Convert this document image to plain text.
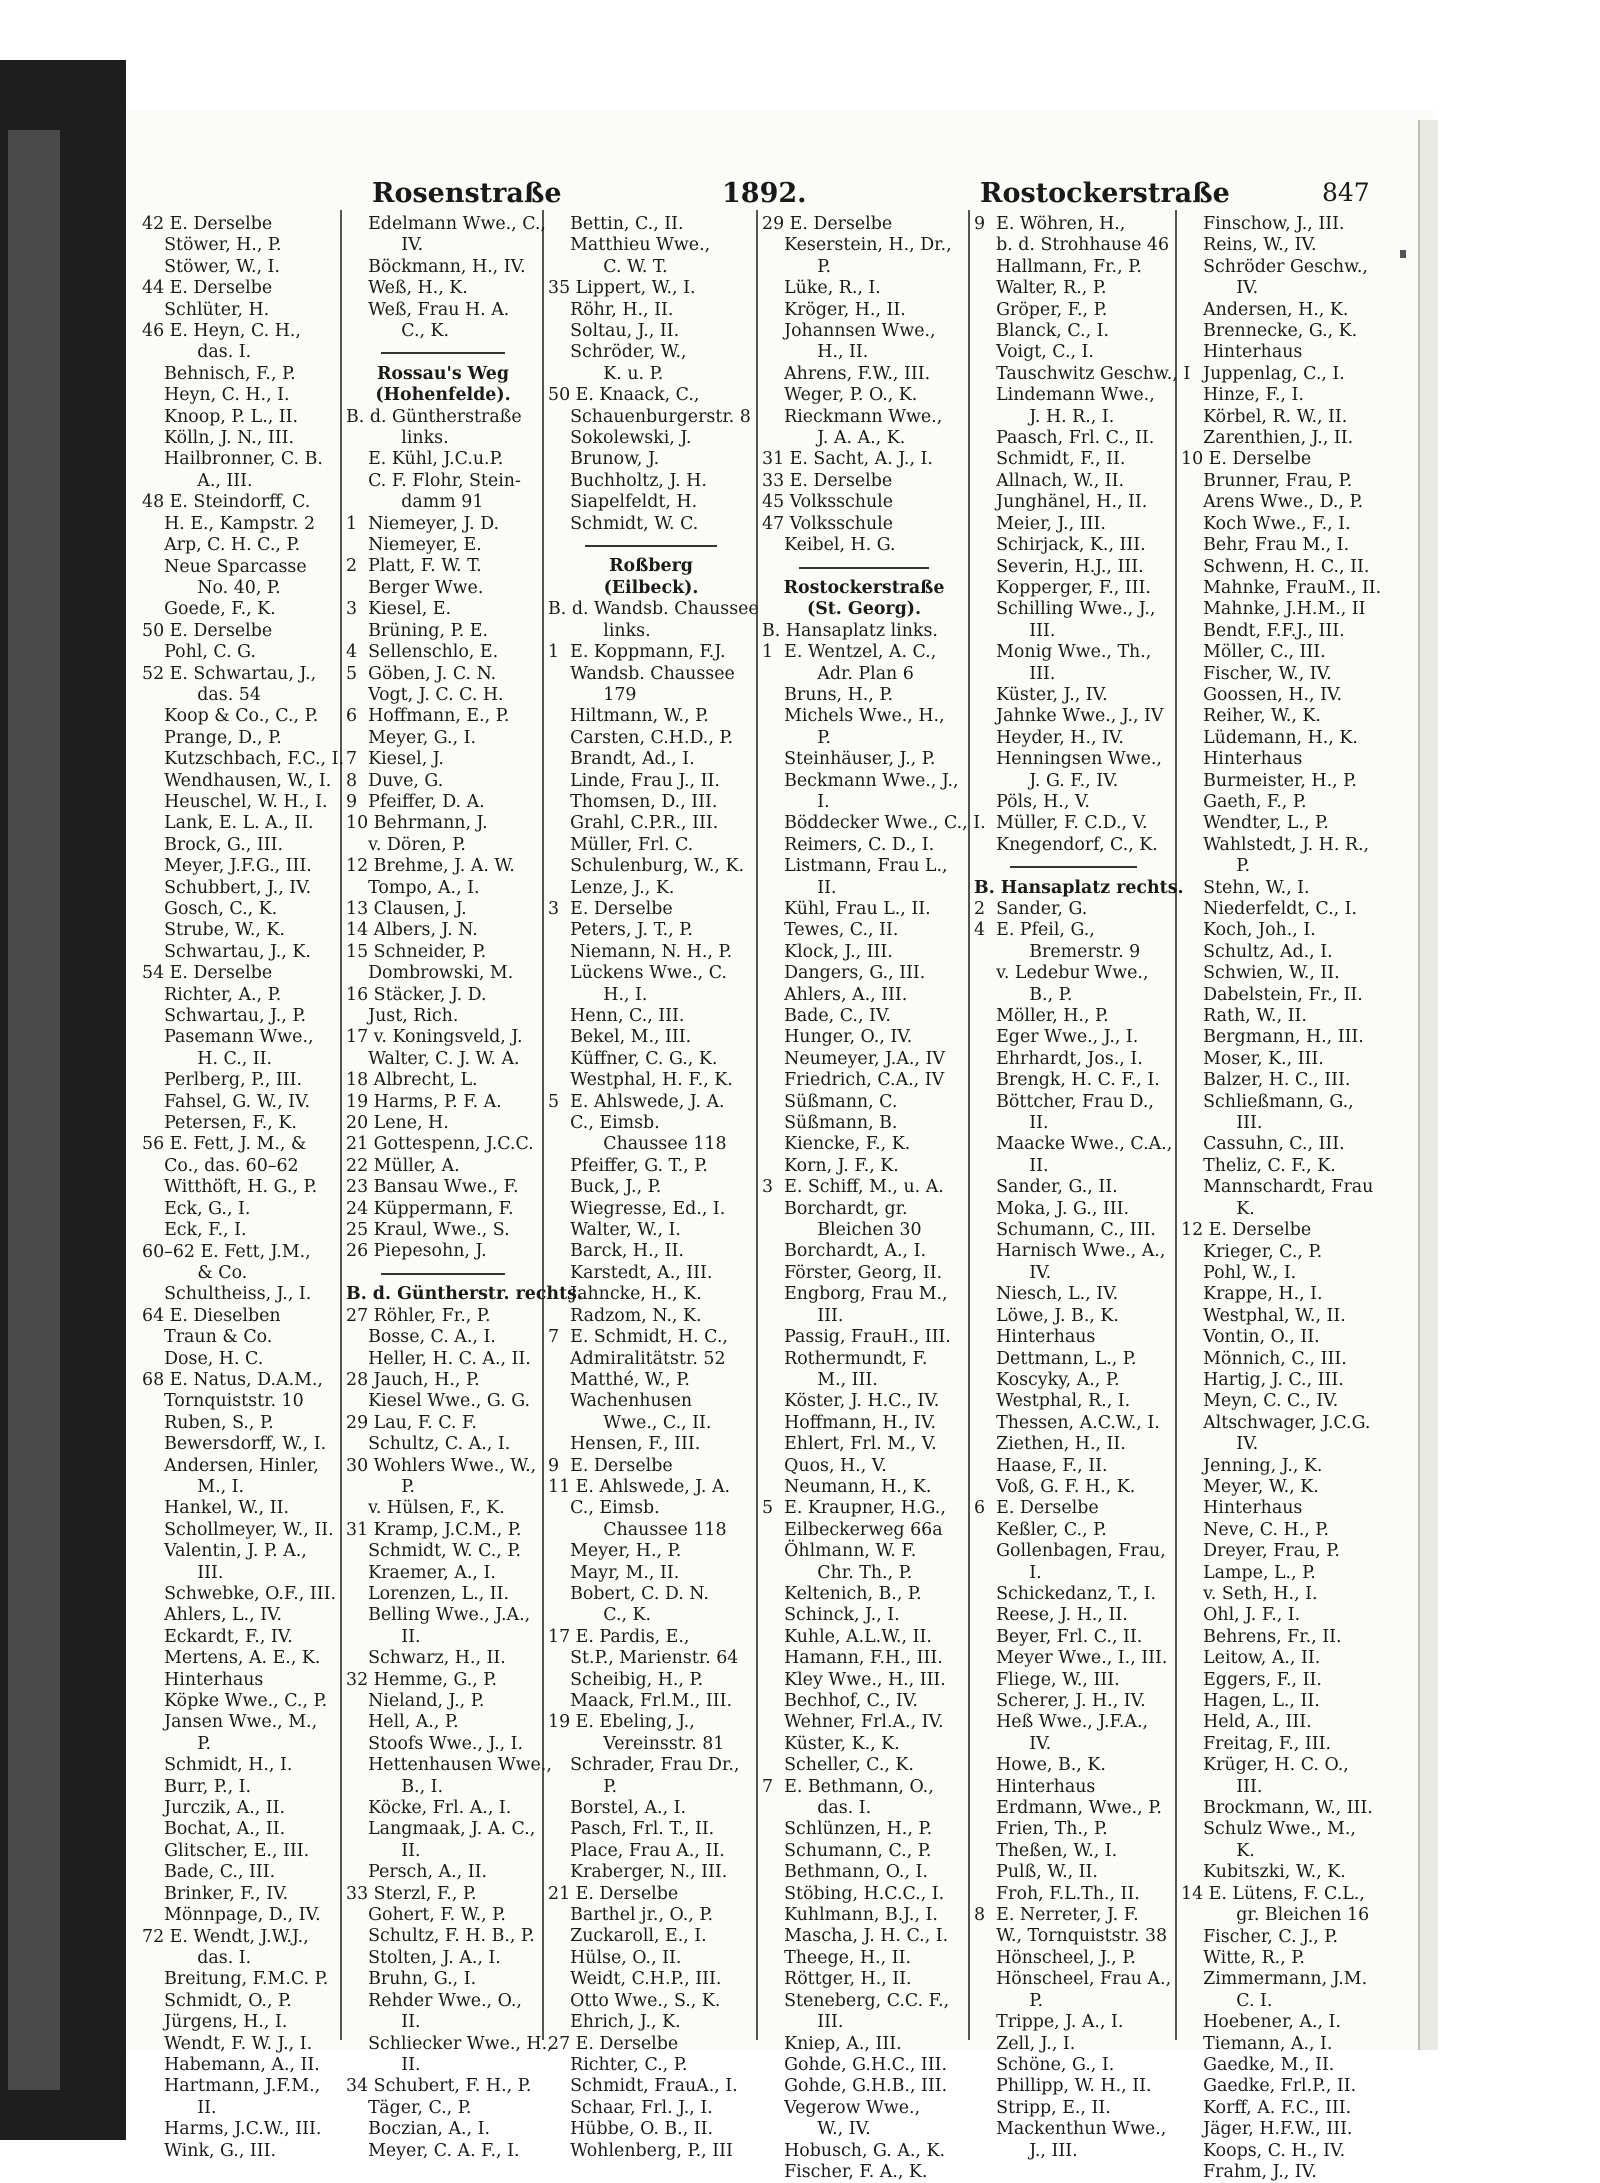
Rosenstraße	1892.	Rostockerstraße	847
42 E. Derselbe
Stöwer, H., P.
Stöwer, W., I.
44 E. Derselbe
Schlüter, H.
46 E. Heyn, C. H.,
das. I.
Behnisch, F., P.
Heyn, C. H., I.
Knoop, P. L., II.
Kölln, J. N., III.
Hailbronner, C. B.
A., III.
48 E. Steindorff, C.
H. E., Kampstr. 2
Arp, C. H. C., P.
Neue Sparcasse
No. 40, P.
Goede, F., K.
50 E. Derselbe
Pohl, C. G.
52 E. Schwartau, J.,
das. 54
Koop & Co., C., P.
Prange, D., P.
Kutzschbach, F.C., I.
Wendhausen, W., I.
Heuschel, W. H., I.
Lank, E. L. A., II.
Brock, G., III.
Meyer, J.F.G., III.
Schubbert, J., IV.
Gosch, C., K.
Strube, W., K.
Schwartau, J., K.
54 E. Derselbe
Richter, A., P.
Schwartau, J., P.
Pasemann Wwe.,
H. C., II.
Perlberg, P., III.
Fahsel, G. W., IV.
Petersen, F., K.
56 E. Fett, J. M., &
Co., das. 60–62
Witthöft, H. G., P.
Eck, G., I.
Eck, F., I.
60–62 E. Fett, J.M.,
& Co.
Schultheiss, J., I.
64 E. Dieselben
Traun & Co.
Dose, H. C.
68 E. Natus, D.A.M.,
Tornquiststr. 10
Ruben, S., P.
Bewersdorff, W., I.
Andersen, Hinler,
M., I.
Hankel, W., II.
Schollmeyer, W., II.
Valentin, J. P. A.,
III.
Schwebke, O.F., III.
Ahlers, L., IV.
Eckardt, F., IV.
Mertens, A. E., K.
Hinterhaus
Köpke Wwe., C., P.
Jansen Wwe., M.,
P.
Schmidt, H., I.
Burr, P., I.
Jurczik, A., II.
Bochat, A., II.
Glitscher, E., III.
Bade, C., III.
Brinker, F., IV.
Mönnpage, D., IV.
72 E. Wendt, J.W.J.,
das. I.
Breitung, F.M.C. P.
Schmidt, O., P.
Jürgens, H., I.
Wendt, F. W. J., I.
Habemann, A., II.
Hartmann, J.F.M.,
II.
Harms, J.C.W., III.
Wink, G., III.
Edelmann Wwe., C.,
IV.
Böckmann, H., IV.
Weß, H., K.
Weß, Frau H. A.
C., K.
Rossau's Weg
(Hohenfelde).
B. d. Güntherstraße
links.
E. Kühl, J.C.u.P.
C. F. Flohr, Stein-
damm 91
1  Niemeyer, J. D.
Niemeyer, E.
2  Platt, F. W. T.
Berger Wwe.
3  Kiesel, E.
Brüning, P. E.
4  Sellenschlo, E.
5  Göben, J. C. N.
Vogt, J. C. C. H.
6  Hoffmann, E., P.
Meyer, G., I.
7  Kiesel, J.
8  Duve, G.
9  Pfeiffer, D. A.
10 Behrmann, J.
v. Dören, P.
12 Brehme, J. A. W.
Tompo, A., I.
13 Clausen, J.
14 Albers, J. N.
15 Schneider, P.
Dombrowski, M.
16 Stäcker, J. D.
Just, Rich.
17 v. Koningsveld, J.
Walter, C. J. W. A.
18 Albrecht, L.
19 Harms, P. F. A.
20 Lene, H.
21 Gottespenn, J.C.C.
22 Müller, A.
23 Bansau Wwe., F.
24 Küppermann, F.
25 Kraul, Wwe., S.
26 Piepesohn, J.
B. d. Güntherstr. rechts.
27 Röhler, Fr., P.
Bosse, C. A., I.
Heller, H. C. A., II.
28 Jauch, H., P.
Kiesel Wwe., G. G.
29 Lau, F. C. F.
Schultz, C. A., I.
30 Wohlers Wwe., W.,
P.
v. Hülsen, F., K.
31 Kramp, J.C.M., P.
Schmidt, W. C., P.
Kraemer, A., I.
Lorenzen, L., II.
Belling Wwe., J.A.,
II.
Schwarz, H., II.
32 Hemme, G., P.
Nieland, J., P.
Hell, A., P.
Stoofs Wwe., J., I.
Hettenhausen Wwe.,
B., I.
Köcke, Frl. A., I.
Langmaak, J. A. C.,
II.
Persch, A., II.
33 Sterzl, F., P.
Gohert, F. W., P.
Schultz, F. H. B., P.
Stolten, J. A., I.
Bruhn, G., I.
Rehder Wwe., O.,
II.
Schliecker Wwe., H.,
II.
34 Schubert, F. H., P.
Täger, C., P.
Boczian, A., I.
Meyer, C. A. F., I.
Bettin, C., II.
Matthieu Wwe.,
C. W. T.
35 Lippert, W., I.
Röhr, H., II.
Soltau, J., II.
Schröder, W.,
K. u. P.
50 E. Knaack, C.,
Schauenburgerstr. 8
Sokolewski, J.
Brunow, J.
Buchholtz, J. H.
Siapelfeldt, H.
Schmidt, W. C.
Roßberg
(Eilbeck).
B. d. Wandsb. Chaussee
links.
1  E. Koppmann, F.J.
Wandsb. Chaussee
179
Hiltmann, W., P.
Carsten, C.H.D., P.
Brandt, Ad., I.
Linde, Frau J., II.
Thomsen, D., III.
Grahl, C.P.R., III.
Müller, Frl. C.
Schulenburg, W., K.
Lenze, J., K.
3  E. Derselbe
Peters, J. T., P.
Niemann, N. H., P.
Lückens Wwe., C.
H., I.
Henn, C., III.
Bekel, M., III.
Küffner, C. G., K.
Westphal, H. F., K.
5  E. Ahlswede, J. A.
C., Eimsb.
Chaussee 118
Pfeiffer, G. T., P.
Buck, J., P.
Wiegresse, Ed., I.
Walter, W., I.
Barck, H., II.
Karstedt, A., III.
Jahncke, H., K.
Radzom, N., K.
7  E. Schmidt, H. C.,
Admiralitätstr. 52
Matthé, W., P.
Wachenhusen
Wwe., C., II.
Hensen, F., III.
9  E. Derselbe
11 E. Ahlswede, J. A.
C., Eimsb.
Chaussee 118
Meyer, H., P.
Mayr, M., II.
Bobert, C. D. N.
C., K.
17 E. Pardis, E.,
St.P., Marienstr. 64
Scheibig, H., P.
Maack, Frl.M., III.
19 E. Ebeling, J.,
Vereinsstr. 81
Schrader, Frau Dr.,
P.
Borstel, A., I.
Pasch, Frl. T., II.
Place, Frau A., II.
Kraberger, N., III.
21 E. Derselbe
Barthel jr., O., P.
Zuckaroll, E., I.
Hülse, O., II.
Weidt, C.H.P., III.
Otto Wwe., S., K.
Ehrich, J., K.
27 E. Derselbe
Richter, C., P.
Schmidt, FrauA., I.
Schaar, Frl. J., I.
Hübbe, O. B., II.
Wohlenberg, P., III
29 E. Derselbe
Keserstein, H., Dr.,
P.
Lüke, R., I.
Kröger, H., II.
Johannsen Wwe.,
H., II.
Ahrens, F.W., III.
Weger, P. O., K.
Rieckmann Wwe.,
J. A. A., K.
31 E. Sacht, A. J., I.
33 E. Derselbe
45 Volksschule
47 Volksschule
Keibel, H. G.
Rostockerstraße
(St. Georg).
B. Hansaplatz links.
1  E. Wentzel, A. C.,
Adr. Plan 6
Bruns, H., P.
Michels Wwe., H.,
P.
Steinhäuser, J., P.
Beckmann Wwe., J.,
I.
Böddecker Wwe., C., I.
Reimers, C. D., I.
Listmann, Frau L.,
II.
Kühl, Frau L., II.
Tewes, C., II.
Klock, J., III.
Dangers, G., III.
Ahlers, A., III.
Bade, C., IV.
Hunger, O., IV.
Neumeyer, J.A., IV
Friedrich, C.A., IV
Süßmann, C.
Süßmann, B.
Kiencke, F., K.
Korn, J. F., K.
3  E. Schiff, M., u. A.
Borchardt, gr.
Bleichen 30
Borchardt, A., I.
Förster, Georg, II.
Engborg, Frau M.,
III.
Passig, FrauH., III.
Rothermundt, F.
M., III.
Köster, J. H.C., IV.
Hoffmann, H., IV.
Ehlert, Frl. M., V.
Quos, H., V.
Neumann, H., K.
5  E. Kraupner, H.G.,
Eilbeckerweg 66a
Öhlmann, W. F.
Chr. Th., P.
Keltenich, B., P.
Schinck, J., I.
Kuhle, A.L.W., II.
Hamann, F.H., III.
Kley Wwe., H., III.
Bechhof, C., IV.
Wehner, Frl.A., IV.
Küster, K., K.
Scheller, C., K.
7  E. Bethmann, O.,
das. I.
Schlünzen, H., P.
Schumann, C., P.
Bethmann, O., I.
Stöbing, H.C.C., I.
Kuhlmann, B.J., I.
Mascha, J. H. C., I.
Theege, H., II.
Röttger, H., II.
Steneberg, C.C. F.,
III.
Kniep, A., III.
Gohde, G.H.C., III.
Gohde, G.H.B., III.
Vegerow Wwe.,
W., IV.
Hobusch, G. A., K.
Fischer, F. A., K.
9  E. Wöhren, H.,
b. d. Strohhause 46
Hallmann, Fr., P.
Walter, R., P.
Gröper, F., P.
Blanck, C., I.
Voigt, C., I.
Tauschwitz Geschw., I
Lindemann Wwe.,
J. H. R., I.
Paasch, Frl. C., II.
Schmidt, F., II.
Allnach, W., II.
Junghänel, H., II.
Meier, J., III.
Schirjack, K., III.
Severin, H.J., III.
Kopperger, F., III.
Schilling Wwe., J.,
III.
Monig Wwe., Th.,
III.
Küster, J., IV.
Jahnke Wwe., J., IV
Heyder, H., IV.
Henningsen Wwe.,
J. G. F., IV.
Pöls, H., V.
Müller, F. C.D., V.
Knegendorf, C., K.
B. Hansaplatz rechts.
2  Sander, G.
4  E. Pfeil, G.,
Bremerstr. 9
v. Ledebur Wwe.,
B., P.
Möller, H., P.
Eger Wwe., J., I.
Ehrhardt, Jos., I.
Brengk, H. C. F., I.
Böttcher, Frau D.,
II.
Maacke Wwe., C.A.,
II.
Sander, G., II.
Moka, J. G., III.
Schumann, C., III.
Harnisch Wwe., A.,
IV.
Niesch, L., IV.
Löwe, J. B., K.
Hinterhaus
Dettmann, L., P.
Koscyky, A., P.
Westphal, R., I.
Thessen, A.C.W., I.
Ziethen, H., II.
Haase, F., II.
Voß, G. F. H., K.
6  E. Derselbe
Keßler, C., P.
Gollenbagen, Frau,
I.
Schickedanz, T., I.
Reese, J. H., II.
Beyer, Frl. C., II.
Meyer Wwe., I., III.
Fliege, W., III.
Scherer, J. H., IV.
Heß Wwe., J.F.A.,
IV.
Howe, B., K.
Hinterhaus
Erdmann, Wwe., P.
Frien, Th., P.
Theßen, W., I.
Pulß, W., II.
Froh, F.L.Th., II.
8  E. Nerreter, J. F.
W., Tornquiststr. 38
Hönscheel, J., P.
Hönscheel, Frau A.,
P.
Trippe, J. A., I.
Zell, J., I.
Schöne, G., I.
Phillipp, W. H., II.
Stripp, E., II.
Mackenthun Wwe.,
J., III.
Finschow, J., III.
Reins, W., IV.
Schröder Geschw.,
IV.
Andersen, H., K.
Brennecke, G., K.
Hinterhaus
Juppenlag, C., I.
Hinze, F., I.
Körbel, R. W., II.
Zarenthien, J., II.
10 E. Derselbe
Brunner, Frau, P.
Arens Wwe., D., P.
Koch Wwe., F., I.
Behr, Frau M., I.
Schwenn, H. C., II.
Mahnke, FrauM., II.
Mahnke, J.H.M., II
Bendt, F.F.J., III.
Möller, C., III.
Fischer, W., IV.
Goossen, H., IV.
Reiher, W., K.
Lüdemann, H., K.
Hinterhaus
Burmeister, H., P.
Gaeth, F., P.
Wendter, L., P.
Wahlstedt, J. H. R.,
P.
Stehn, W., I.
Niederfeldt, C., I.
Koch, Joh., I.
Schultz, Ad., I.
Schwien, W., II.
Dabelstein, Fr., II.
Rath, W., II.
Bergmann, H., III.
Moser, K., III.
Balzer, H. C., III.
Schließmann, G.,
III.
Cassuhn, C., III.
Theliz, C. F., K.
Mannschardt, Frau
K.
12 E. Derselbe
Krieger, C., P.
Pohl, W., I.
Krappe, H., I.
Westphal, W., II.
Vontin, O., II.
Mönnich, C., III.
Hartig, J. C., III.
Meyn, C. C., IV.
Altschwager, J.C.G.
IV.
Jenning, J., K.
Meyer, W., K.
Hinterhaus
Neve, C. H., P.
Dreyer, Frau, P.
Lampe, L., P.
v. Seth, H., I.
Ohl, J. F., I.
Behrens, Fr., II.
Leitow, A., II.
Eggers, F., II.
Hagen, L., II.
Held, A., III.
Freitag, F., III.
Krüger, H. C. O.,
III.
Brockmann, W., III.
Schulz Wwe., M.,
K.
Kubitszki, W., K.
14 E. Lütens, F. C.L.,
gr. Bleichen 16
Fischer, C. J., P.
Witte, R., P.
Zimmermann, J.M.
C. I.
Hoebener, A., I.
Tiemann, A., I.
Gaedke, M., II.
Gaedke, Frl.P., II.
Korff, A. F.C., III.
Jäger, H.F.W., III.
Koops, C. H., IV.
Frahm, J., IV.
